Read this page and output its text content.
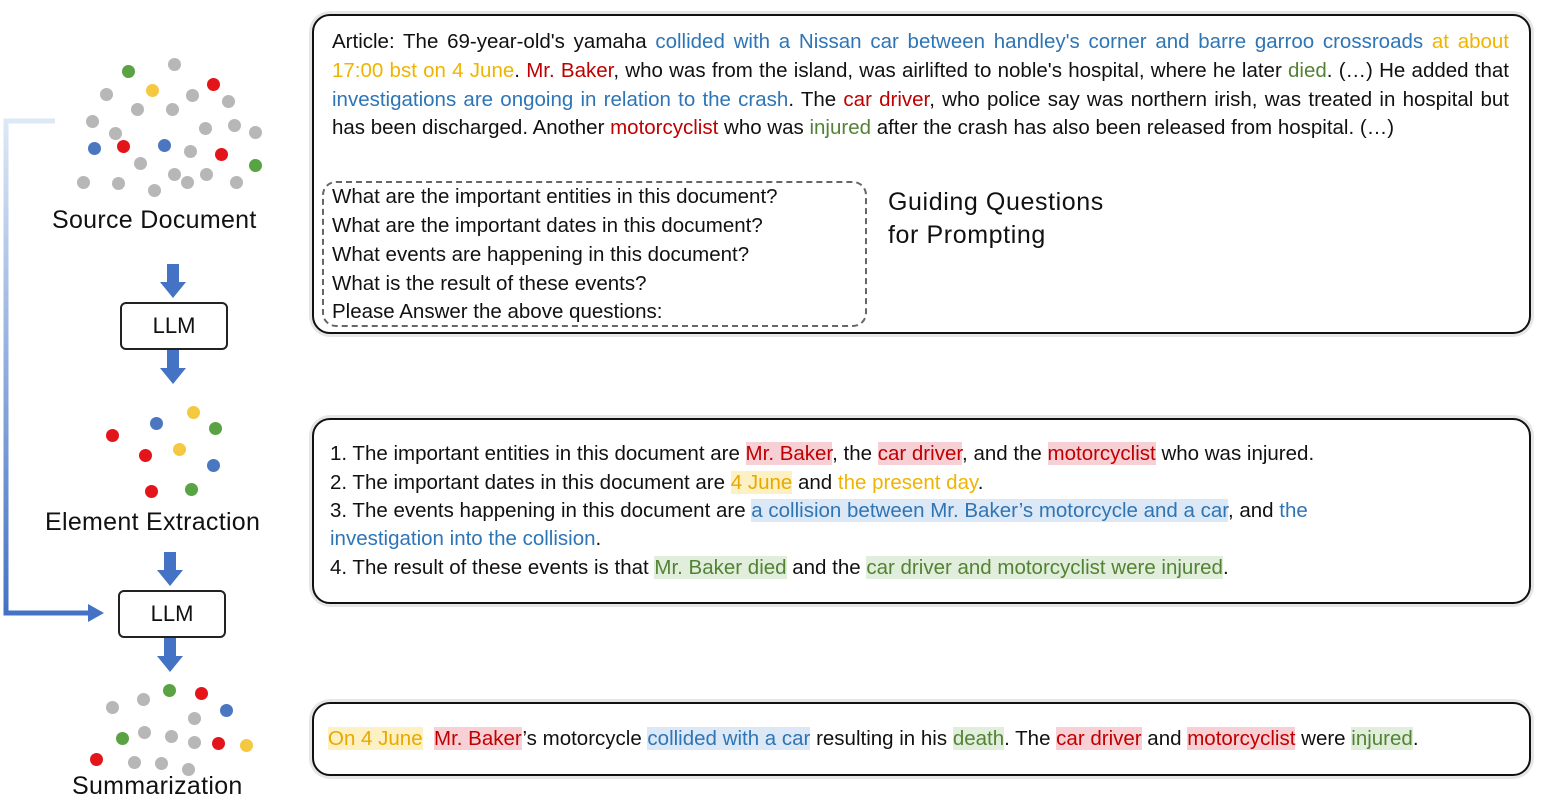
Source Document
LLM
Element Extraction
LLM
Summarization
Article: The 69-year-old's yamaha collided with a Nissan car between handley's corner and barre garroo crossroads at about 17:00 bst on 4 June. Mr. Baker, who was from the island, was airlifted to noble's hospital, where he later died. (…) He added that investigations are ongoing in relation to the crash. The car driver, who police say was northern irish, was treated in hospital but has been discharged. Another motorcyclist who was injured after the crash has also been released from hospital. (…)
What are the important entities in this document?
What are the important dates in this document?
What events are happening in this document?
What is the result of these events?
Please Answer the above questions:
Guiding Questions
for Prompting
1. The important entities in this document are Mr. Baker, the car driver, and the motorcyclist who was injured.
2. The important dates in this document are 4 June and the present day.
3. The events happening in this document are a collision between Mr. Baker’s motorcycle and a car, and the
investigation into the collision.
4. The result of these events is that Mr. Baker died and the car driver and motorcyclist were injured.
On 4 June Mr. Baker’s motorcycle collided with a car resulting in his death. The car driver and motorcyclist were injured.
